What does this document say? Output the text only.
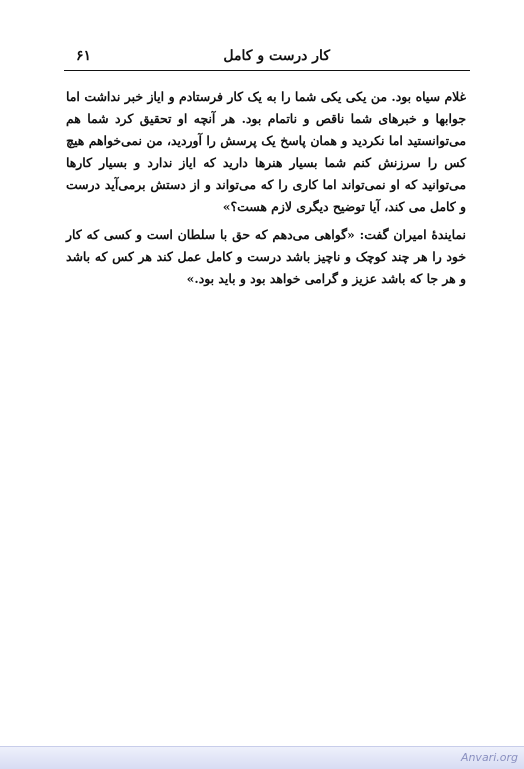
کار درست و کامل
۶۱

غلام سیاه بود. من یکی یکی شما را به یک کار فرستادم و ایاز خبر نداشت اما جوابها و خبرهای شما ناقص و ناتمام بود. هر آنچه او تحقیق کرد شما هم می‌توانستید اما نکردید و همان پاسخ یک پرسش را آوردید، من نمی‌خواهم هیچ کس را سرزنش کنم شما بسیار هنرها دارید که ایاز ندارد و بسیار کارها می‌توانید که او نمی‌تواند اما کاری را که می‌تواند و از دستش برمی‌آید درست و کامل می کند، آیا توضیح دیگری لازم هست؟»

نمایندهٔ امیران گفت: «گواهی می‌دهم که حق با سلطان است و کسی که کار خود را هر چند کوچک و ناچیز باشد درست و کامل عمل کند هر کس که باشد و هر جا که باشد عزیز و گرامی خواهد بود و باید بود.»

Anvari.org
